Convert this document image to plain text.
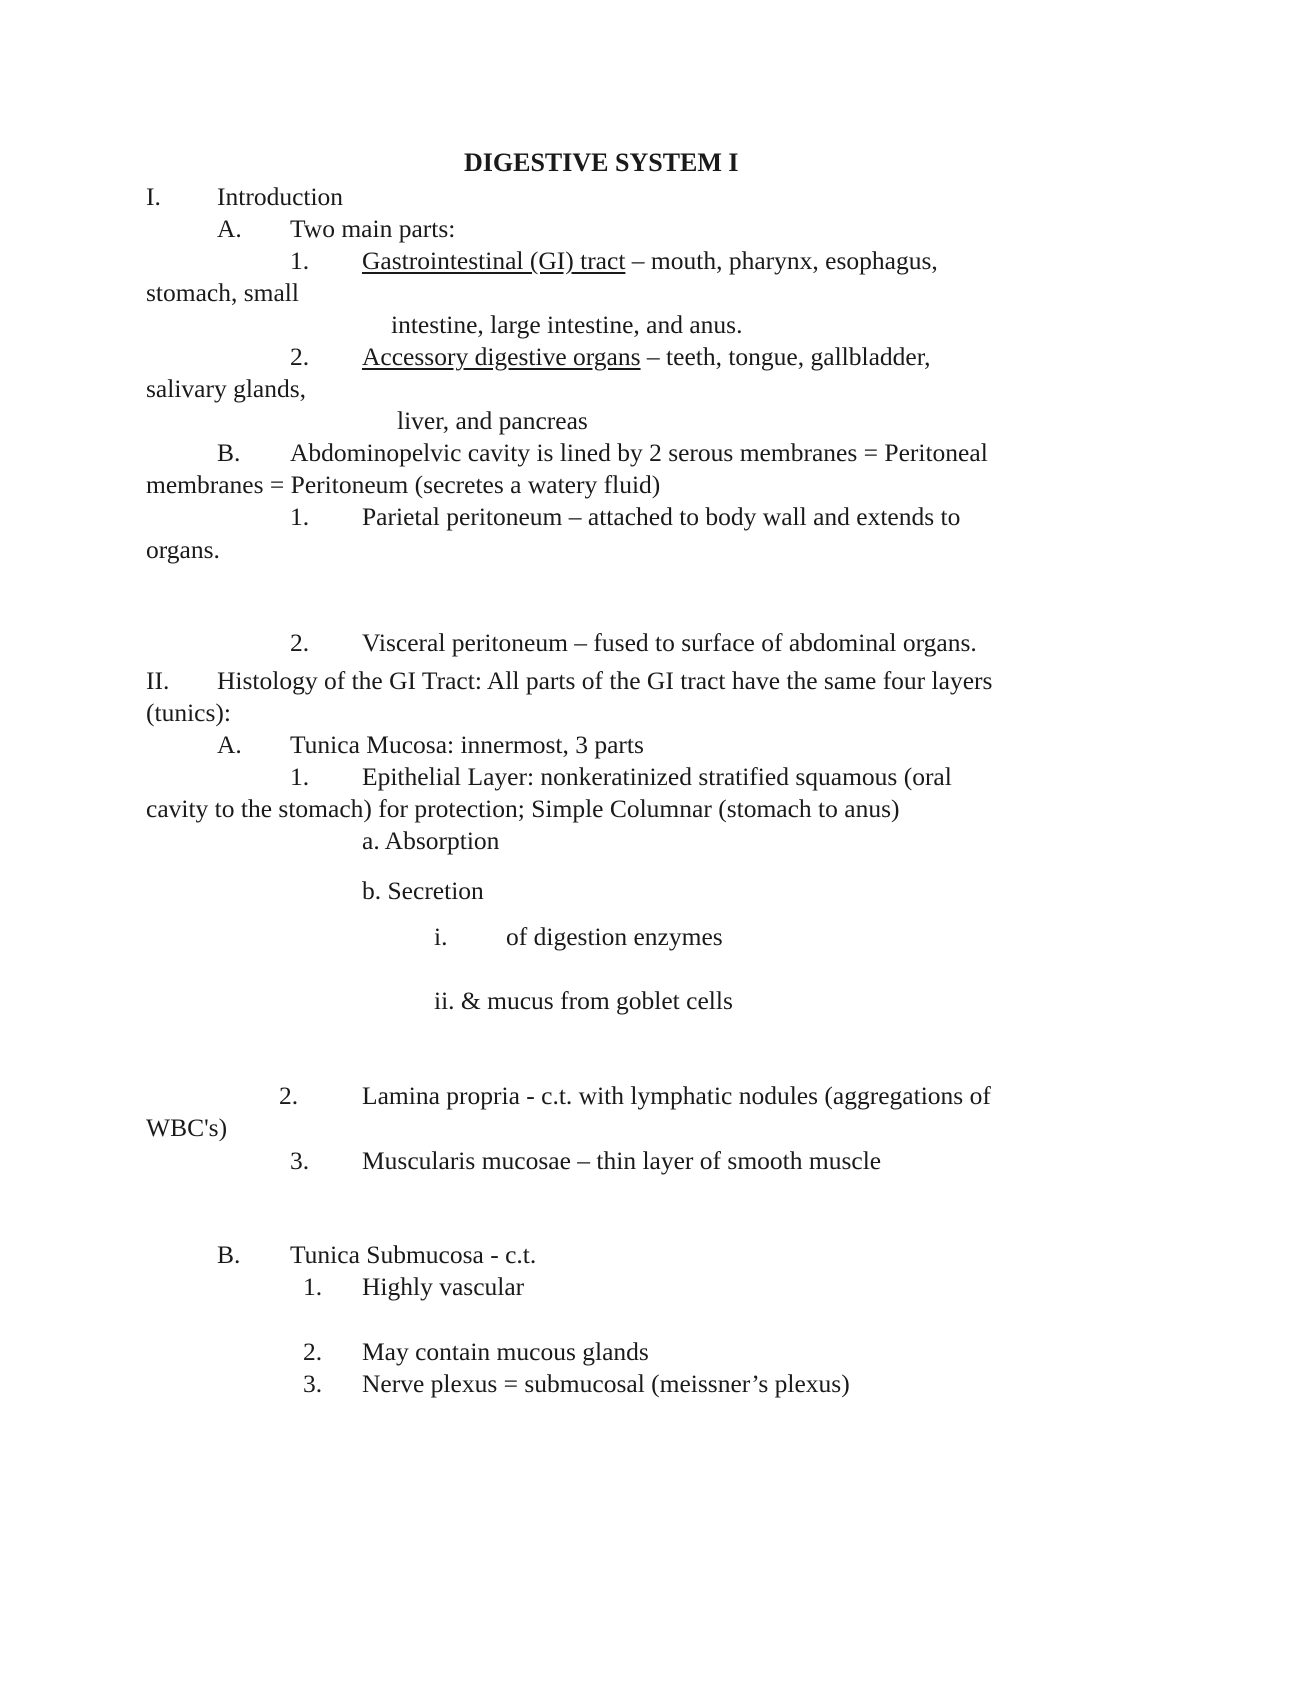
DIGESTIVE SYSTEM I
I. Introduction
A. Two main parts:
1. Gastrointestinal (GI) tract – mouth, pharynx, esophagus,
stomach, small
intestine, large intestine, and anus.
2. Accessory digestive organs – teeth, tongue, gallbladder,
salivary glands,
liver, and pancreas
B. Abdominopelvic cavity is lined by 2 serous membranes = Peritoneal
membranes = Peritoneum (secretes a watery fluid)
1. Parietal peritoneum – attached to body wall and extends to
organs.
2. Visceral peritoneum – fused to surface of abdominal organs.
II. Histology of the GI Tract: All parts of the GI tract have the same four layers
(tunics):
A. Tunica Mucosa: innermost, 3 parts
1. Epithelial Layer: nonkeratinized stratified squamous (oral
cavity to the stomach) for protection; Simple Columnar (stomach to anus)
a. Absorption
b. Secretion
i. of digestion enzymes
ii. & mucus from goblet cells
2.	Lamina propria - c.t. with lymphatic nodules (aggregations of
WBC's)
3. Muscularis mucosae – thin layer of smooth muscle
B. Tunica Submucosa - c.t.
1. Highly vascular
2. May contain mucous glands
3. Nerve plexus = submucosal (meissner’s plexus)
